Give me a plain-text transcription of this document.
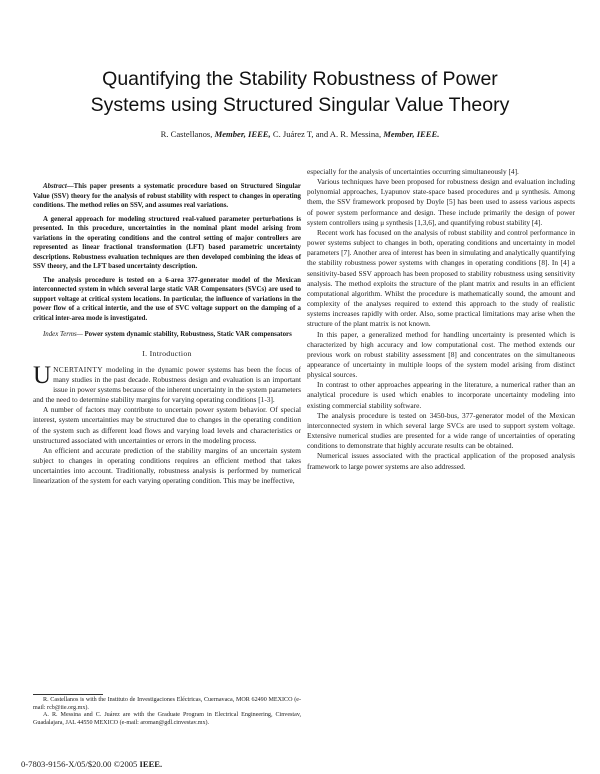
Quantifying the Stability Robustness of Power
Systems using Structured Singular Value Theory
R. Castellanos, Member, IEEE, C. Juárez T, and A. R. Messina, Member, IEEE.

Abstract—This paper presents a systematic procedure based on Structured Singular Value (SSV) theory for the analysis of robust stability with respect to changes in operating conditions. The method relies on SSV, and assumes real variations.

A general approach for modeling structured real-valued parameter perturbations is presented. In this procedure, uncertainties in the nominal plant model arising from variations in the operating conditions and the control setting of major controllers are represented as linear fractional transformation (LFT) based parametric uncertainty descriptions. Robustness evaluation techniques are then developed combining the ideas of SSV theory, and the LFT based uncertainty description.

The analysis procedure is tested on a 6-area 377-generator model of the Mexican interconnected system in which several large static VAR Compensators (SVCs) are used to support voltage at critical system locations. In particular, the influence of variations in the power flow of a critical intertie, and the use of SVC voltage support on the damping of a critical inter-area mode is investigated.

Index Terms— Power system dynamic stability, Robustness, Static VAR compensators

I. Introduction

UNCERTAINTY modeling in the dynamic power systems has been the focus of many studies in the past decade. Robustness design and evaluation is an important issue in power systems because of the inherent uncertainty in the system parameters and the need to determine stability margins for varying operating conditions [1-3].

A number of factors may contribute to uncertain power system behavior. Of special interest, system uncertainties may be structured due to changes in the operating condition of the system such as different load flows and varying load levels and characteristics or unstructured associated with uncertainties or errors in the modeling process.

An efficient and accurate prediction of the stability margins of an uncertain system subject to changes in operating conditions requires an efficient method that takes uncertainties into account. Traditionally, robustness analysis is performed by numerical linearization of the system for each varying operating condition. This may be ineffective,

especially for the analysis of uncertainties occurring simultaneously [4].

Various techniques have been proposed for robustness design and evaluation including polynomial approaches, Lyapunov state-space based procedures and μ synthesis. Among them, the SSV framework proposed by Doyle [5] has been used to assess various aspects of power system performance and design. These include primarily the design of power system controllers using μ synthesis [1,3,6], and quantifying robust stability [4].

Recent work has focused on the analysis of robust stability and control performance in power systems subject to changes in both, operating conditions and uncertainty in model parameters [7]. Another area of interest has been in simulating and analytically quantifying the stability robustness power systems with changes in operating conditions [8]. In [4] a sensitivity-based SSV approach has been proposed to stability robustness using sensitivity analysis. The method exploits the structure of the plant matrix and results in an efficient computational algorithm. Whilst the procedure is mathematically sound, the amount and complexity of the analyses required to extend this approach to the study of realistic systems increases rapidly with order. Also, some practical limitations may arise when the structure of the plant matrix is not known.

In this paper, a generalized method for handling uncertainty is presented which is characterized by high accuracy and low computational cost. The method extends our previous work on robust stability assessment [8] and concentrates on the simultaneous appearance of uncertainty in multiple loops of the system model arising from distinct physical sources.

In contrast to other approaches appearing in the literature, a numerical rather than an analytical procedure is used which enables to incorporate uncertainty modeling into existing commercial stability software.

The analysis procedure is tested on 3450-bus, 377-generator model of the Mexican interconnected system in which several large SVCs are used to support system voltage. Extensive numerical studies are presented for a wide range of uncertainties of operating conditions to demonstrate that highly accurate results can be obtained.

Numerical issues associated with the practical application of the proposed analysis framework to large power systems are also addressed.

R. Castellanos is with the Instituto de Investigaciones Eléctricas, Cuernavaca, MOR 62490 MEXICO (e-mail: rcb@iie.org.mx).

A. R. Messina and C. Juárez are with the Graduate Program in Electrical Engineering, Cinvestav, Guadalajara, JAL 44550 MEXICO (e-mail: aroman@gdl.cinvestav.mx).

0-7803-9156-X/05/$20.00 ©2005 IEEE.
